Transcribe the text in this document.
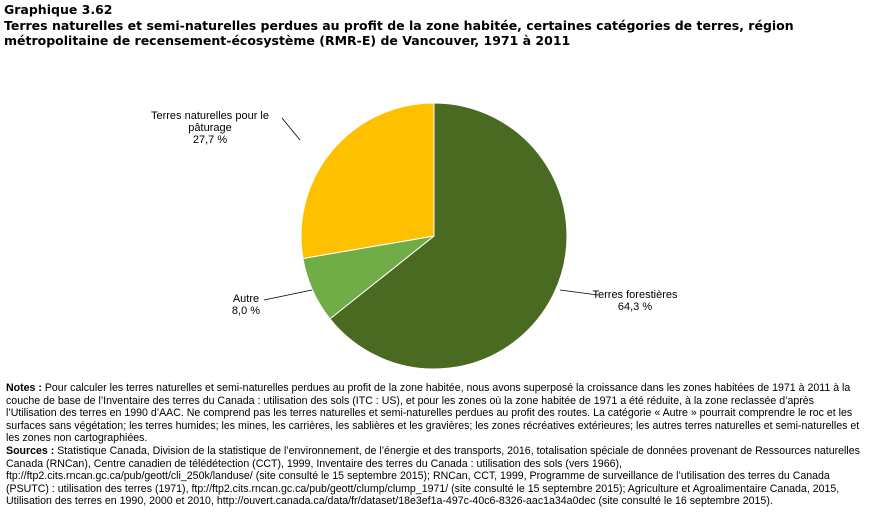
Graphique 3.62
Terres naturelles et semi-naturelles perdues au profit de la zone habitée, certaines catégories de terres, région métropolitaine de recensement-écosystème (RMR-E) de Vancouver, 1971 à 2011
Terres forestières
64,3 %
Autre
8,0 %
Terres naturelles pour le
pâturage
27,7 %

Notes : Pour calculer les terres naturelles et semi-naturelles perdues au profit de la zone habitée, nous avons superposé la croissance dans les zones habitées de 1971 à 2011 à la couche de base de l’Inventaire des terres du Canada : utilisation des sols (ITC : US), et pour les zones où la zone habitée de 1971 a été réduite, à la zone reclassée d’après l’Utilisation des terres en 1990 d’AAC. Ne comprend pas les terres naturelles et semi-naturelles perdues au profit des routes. La catégorie « Autre » pourrait comprendre le roc et les surfaces sans végétation; les terres humides; les mines, les carrières, les sablières et les gravières; les zones récréatives extérieures; les autres terres naturelles et semi-naturelles et les zones non cartographiées.

Sources : Statistique Canada, Division de la statistique de l’environnement, de l’énergie et des transports, 2016, totalisation spéciale de données provenant de Ressources naturelles Canada (RNCan), Centre canadien de télédétection (CCT), 1999, Inventaire des terres du Canada : utilisation des sols (vers 1966), ftp://ftp2.cits.rncan.gc.ca/pub/geott/cli_250k/landuse/ (site consulté le 15 septembre 2015); RNCan, CCT, 1999, Programme de surveillance de l’utilisation des terres du Canada (PSUTC) : utilisation des terres (1971), ftp://ftp2.cits.rncan.gc.ca/pub/geott/clump/clump_1971/ (site consulté le 15 septembre 2015); Agriculture et Agroalimentaire Canada, 2015, Utilisation des terres en 1990, 2000 et 2010, http://ouvert.canada.ca/data/fr/dataset/18e3ef1a-497c-40c6-8326-aac1a34a0dec (site consulté le 16 septembre 2015).
